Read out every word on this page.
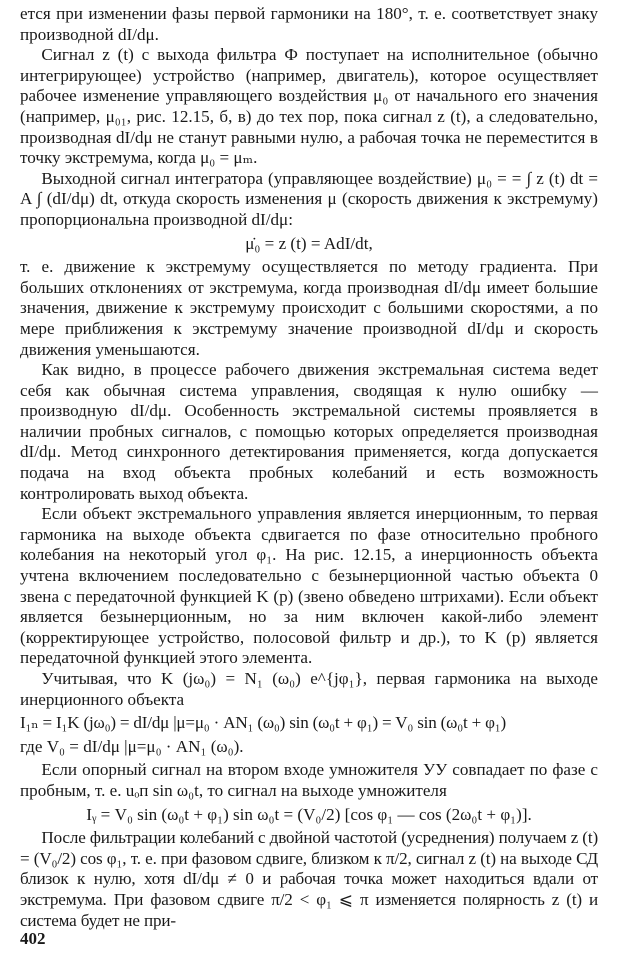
ется при изменении фазы первой гармоники на 180°, т. е. соответствует знаку производной dI/dμ.

Сигнал z (t) с выхода фильтра Ф поступает на исполнительное (обычно интегрирующее) устройство (например, двигатель), которое осуществляет рабочее изменение управляющего воздействия μ₀ от начального его значения (например, μ₀₁, рис. 12.15, б, в) до тех пор, пока сигнал z (t), а следовательно, производная dI/dμ не станут равными нулю, а рабочая точка не переместится в точку экстремума, когда μ₀ = μₘ.

Выходной сигнал интегратора (управляющее воздействие) μ₀ = = ∫ z (t) dt = A ∫ (dI/dμ) dt, откуда скорость изменения μ (скорость движения к экстремуму) пропорциональна производной dI/dμ:

μ̇₀ = z (t) = AdI/dt,

т. е. движение к экстремуму осуществляется по методу градиента. При больших отклонениях от экстремума, когда производная dI/dμ имеет большие значения, движение к экстремуму происходит с большими скоростями, а по мере приближения к экстремуму значение производной dI/dμ и скорость движения уменьшаются.

Как видно, в процессе рабочего движения экстремальная система ведет себя как обычная система управления, сводящая к нулю ошибку — производную dI/dμ. Особенность экстремальной системы проявляется в наличии пробных сигналов, с помощью которых определяется производная dI/dμ. Метод синхронного детектирования применяется, когда допускается подача на вход объекта пробных колебаний и есть возможность контролировать выход объекта.

Если объект экстремального управления является инерционным, то первая гармоника на выходе объекта сдвигается по фазе относительно пробного колебания на некоторый угол φ₁. На рис. 12.15, а инерционность объекта учтена включением последовательно с безынерционной частью объекта 0 звена с передаточной функцией K (p) (звено обведено штрихами). Если объект является безынерционным, но за ним включен какой-либо элемент (корректирующее устройство, полосовой фильтр и др.), то K (p) является передаточной функцией этого элемента.

Учитывая, что K (jω₀) = N₁ (ω₀) e^{jφ₁}, первая гармоника на выходе инерционного объекта

I₁ₙ = I₁K (jω₀) = dI/dμ |μ=μ₀ · AN₁ (ω₀) sin (ω₀t + φ₁) = V₀ sin (ω₀t + φ₁)
где V₀ = dI/dμ |μ=μ₀ · AN₁ (ω₀).

Если опорный сигнал на втором входе умножителя УУ совпадает по фазе с пробным, т. е. uₒп sin ω₀t, то сигнал на выходе умножителя

Iᵧ = V₀ sin (ω₀t + φ₁) sin ω₀t = (V₀/2) [cos φ₁ — cos (2ω₀t + φ₁)].

После фильтрации колебаний с двойной частотой (усреднения) получаем z (t) = (V₀/2) cos φ₁, т. е. при фазовом сдвиге, близком к π/2, сигнал z (t) на выходе СД близок к нулю, хотя dI/dμ ≠ 0 и рабочая точка может находиться вдали от экстремума. При фазовом сдвиге π/2 < φ₁ ⩽ π изменяется полярность z (t) и система будет не при-

402
